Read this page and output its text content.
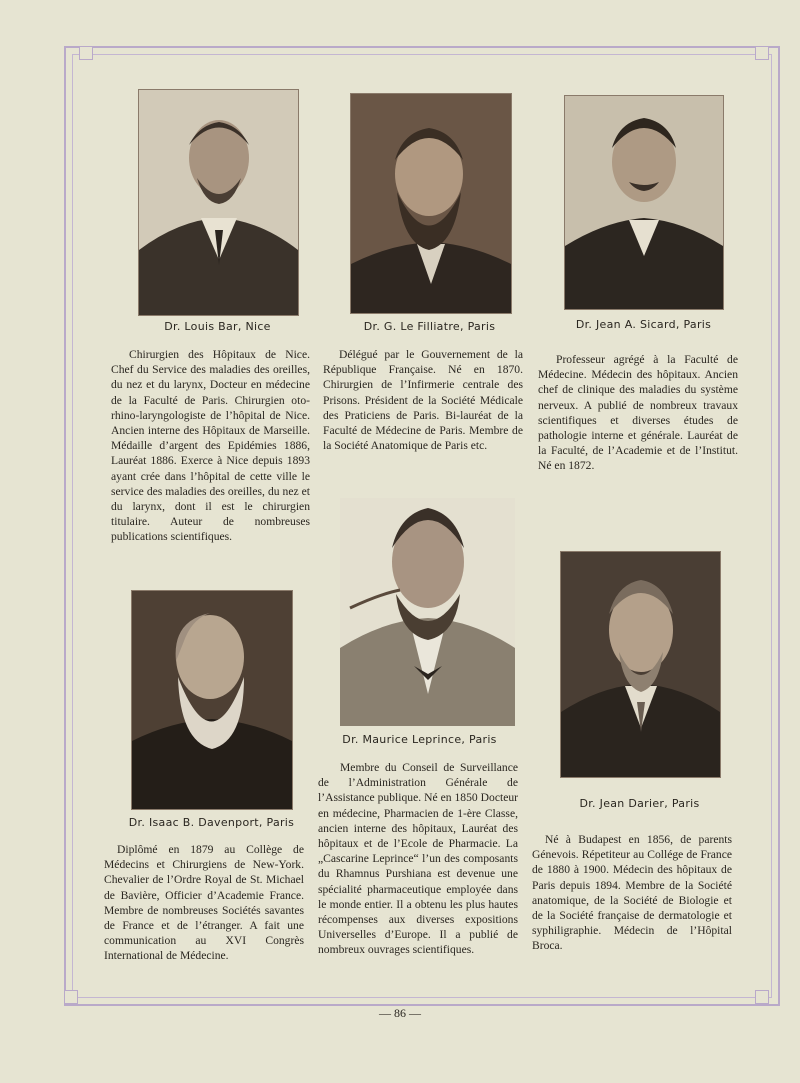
Dr. Louis Bar, Nice

Chirurgien des Hôpitaux de Nice. Chef du Service des maladies des oreilles, du nez et du larynx, Docteur en médecine de la Faculté de Paris. Chirurgien oto-rhino-laryngologiste de l’hôpital de Nice. Ancien interne des Hôpitaux de Marseille. Médaille d’argent des Epidémies 1886, Lauréat 1886. Exerce à Nice depuis 1893 ayant crée dans l’hôpital de cette ville le service des maladies des oreilles, du nez et du larynx, dont il est le chirurgien titulaire. Auteur de nombreuses publications scientifiques.

Dr. G. Le Filliatre, Paris

Délégué par le Gouvernement de la République Française. Né en 1870. Chirurgien de l’Infirmerie centrale des Prisons. Président de la Société Médicale des Praticiens de Paris. Bi-lauréat de la Faculté de Médecine de Paris. Membre de la Société Anatomique de Paris etc.

Dr. Jean A. Sicard, Paris

Professeur agrégé à la Faculté de Médecine. Médecin des hôpitaux. Ancien chef de clinique des maladies du système nerveux. A publié de nombreux travaux scientifiques et diverses études de pathologie interne et générale. Lauréat de la Faculté, de l’Academie et de l’Institut. Né en 1872.

Dr. Isaac B. Davenport, Paris

Diplômé en 1879 au Collège de Médecins et Chirurgiens de New-York. Chevalier de l’Ordre Royal de St. Michael de Bavière, Officier d’Academie France. Membre de nombreuses Sociétés savantes de France et de l’étranger. A fait une communication au XVI Congrès International de Médecine.

Dr. Maurice Leprince, Paris

Membre du Conseil de Surveillance de l’Administration Générale de l’Assistance publique. Né en 1850 Docteur en médecine, Pharmacien de 1-ère Classe, ancien interne des hôpitaux, Lauréat des hôpitaux et de l’Ecole de Pharmacie. La „Cascarine Leprince“ l’un des composants du Rhamnus Purshiana est devenue une spécialité pharmaceutique employée dans le monde entier. Il a obtenu les plus hautes récompenses aux diverses expositions Universelles d’Europe. Il a publié de nombreux ouvrages scientifiques.

Dr. Jean Darier, Paris

Né à Budapest en 1856, de parents Génevois. Répetiteur au Collége de France de 1880 à 1900. Médecin des hôpitaux de Paris depuis 1894. Membre de la Société anatomique, de la Société de Biologie et de la Société française de dermatologie et syphiligraphie. Médecin de l’Hôpital Broca.

— 86 —
